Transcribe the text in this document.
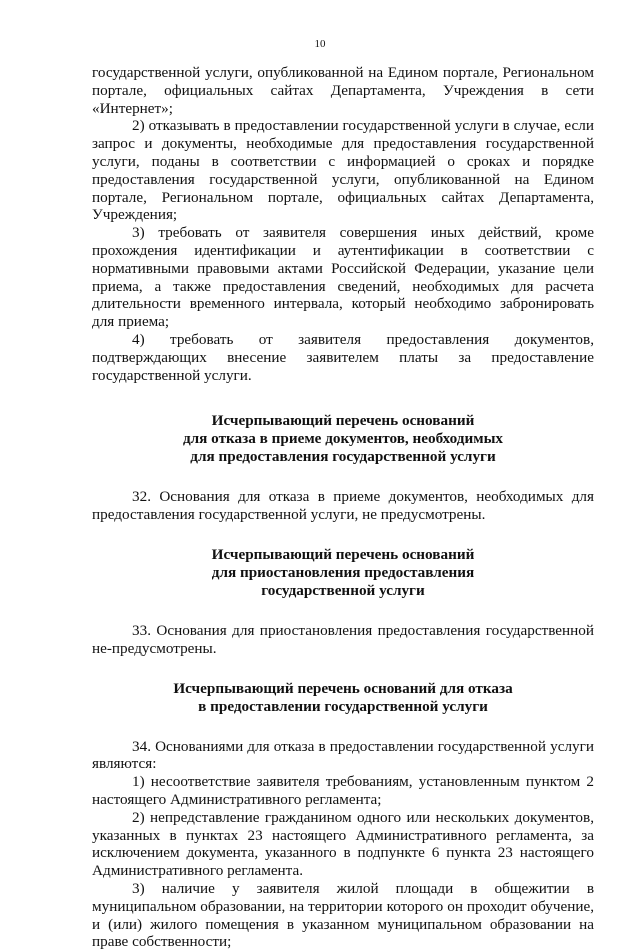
10

государственной услуги, опубликованной на Едином портале, Региональном портале, официальных сайтах Департамента, Учреждения в сети «Интернет»;

2) отказывать в предоставлении государственной услуги в случае, если запрос и документы, необходимые для предоставления государственной услуги, поданы в соответствии с информацией о сроках и порядке предоставления государственной услуги, опубликованной на Едином портале, Региональном портале, официальных сайтах Департамента, Учреждения;

3) требовать от заявителя совершения иных действий, кроме прохождения идентификации и аутентификации в соответствии с нормативными правовыми актами Российской Федерации, указание цели приема, а также предоставления сведений, необходимых для расчета длительности временного интервала, который необходимо забронировать для приема;

4) требовать от заявителя предоставления документов, подтверждающих внесение заявителем платы за предоставление государственной услуги.

Исчерпывающий перечень оснований
для отказа в приеме документов, необходимых
для предоставления государственной услуги

32. Основания для отказа в приеме документов, необходимых для предоставления государственной услуги, не предусмотрены.

Исчерпывающий перечень оснований
для приостановления предоставления
государственной услуги

33. Основания для приостановления предоставления государственной не-предусмотрены.

Исчерпывающий перечень оснований для отказа
в предоставлении государственной услуги

34. Основаниями для отказа в предоставлении государственной услуги являются:

1) несоответствие заявителя требованиям, установленным пунктом 2 настоящего Административного регламента;

2) непредставление гражданином одного или нескольких документов, указанных в пунктах 23 настоящего Административного регламента, за исключением документа, указанного в подпункте 6 пункта 23 настоящего Административного регламента.

3) наличие у заявителя жилой площади в общежитии в муниципальном образовании, на территории которого он проходит обучение, и (или) жилого помещения в указанном муниципальном образовании на праве собственности;
